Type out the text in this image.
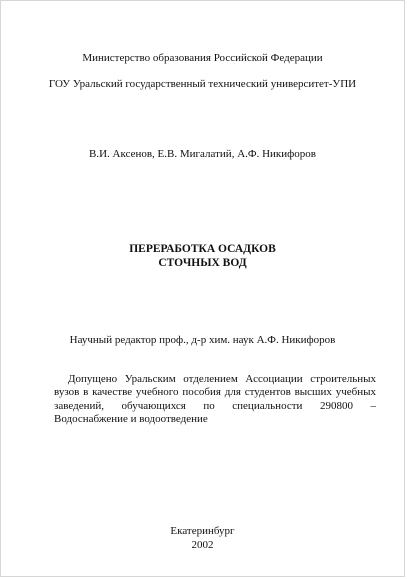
Министерство образования Российской Федерации
ГОУ Уральский государственный технический университет-УПИ
В.И. Аксенов, Е.В. Мигалатий, А.Ф. Никифоров
ПЕРЕРАБОТКА ОСАДКОВ
СТОЧНЫХ ВОД
Научный редактор проф., д-р хим. наук А.Ф. Никифоров
Допущено Уральским отделением Ассоциации строительных вузов в качестве учебного пособия для студентов высших учебных заведений, обучающихся по специальности 290800 – Водоснабжение и водоотведение
Екатеринбург
2002
